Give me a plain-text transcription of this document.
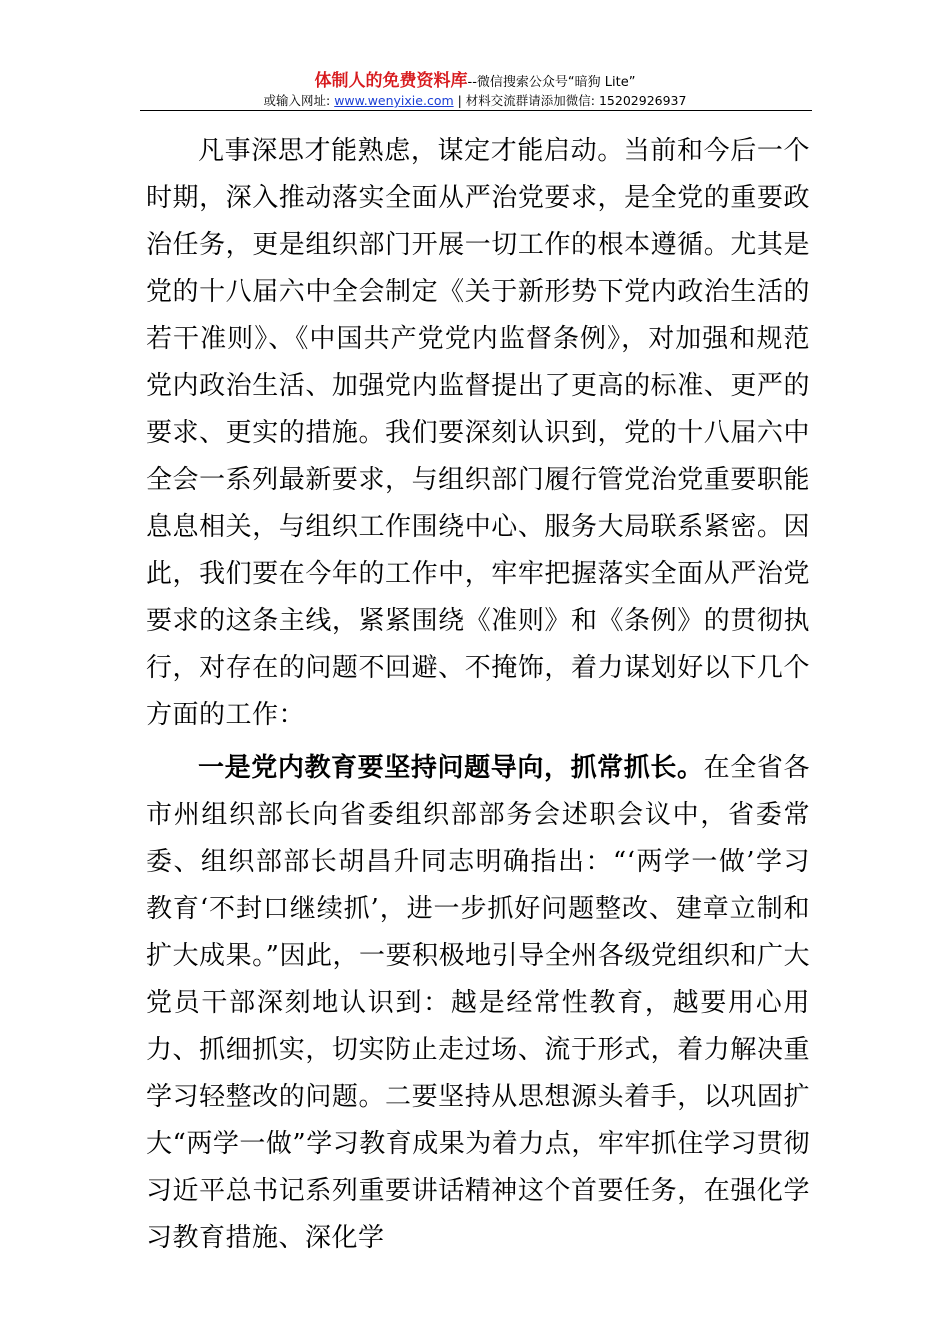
体制人的免费资料库--微信搜索公众号“暗狗 Lite”
或输入网址: www.wenyixie.com | 材料交流群请添加微信: 15202926937

凡事深思才能熟虑，谋定才能启动。当前和今后一个时期，深入推动落实全面从严治党要求，是全党的重要政治任务，更是组织部门开展一切工作的根本遵循。尤其是党的十八届六中全会制定《关于新形势下党内政治生活的若干准则》、《中国共产党党内监督条例》，对加强和规范党内政治生活、加强党内监督提出了更高的标准、更严的要求、更实的措施。我们要深刻认识到，党的十八届六中全会一系列最新要求，与组织部门履行管党治党重要职能息息相关，与组织工作围绕中心、服务大局联系紧密。因此，我们要在今年的工作中，牢牢把握落实全面从严治党要求的这条主线，紧紧围绕《准则》和《条例》的贯彻执行，对存在的问题不回避、不掩饰，着力谋划好以下几个方面的工作：

一是党内教育要坚持问题导向，抓常抓长。在全省各市州组织部长向省委组织部部务会述职会议中，省委常委、组织部部长胡昌升同志明确指出：“‘两学一做’学习教育‘不封口继续抓’，进一步抓好问题整改、建章立制和扩大成果。”因此，一要积极地引导全州各级党组织和广大党员干部深刻地认识到：越是经常性教育，越要用心用力、抓细抓实，切实防止走过场、流于形式，着力解决重学习轻整改的问题。二要坚持从思想源头着手，以巩固扩大“两学一做”学习教育成果为着力点，牢牢抓住学习贯彻习近平总书记系列重要讲话精神这个首要任务，在强化学习教育措施、深化学
